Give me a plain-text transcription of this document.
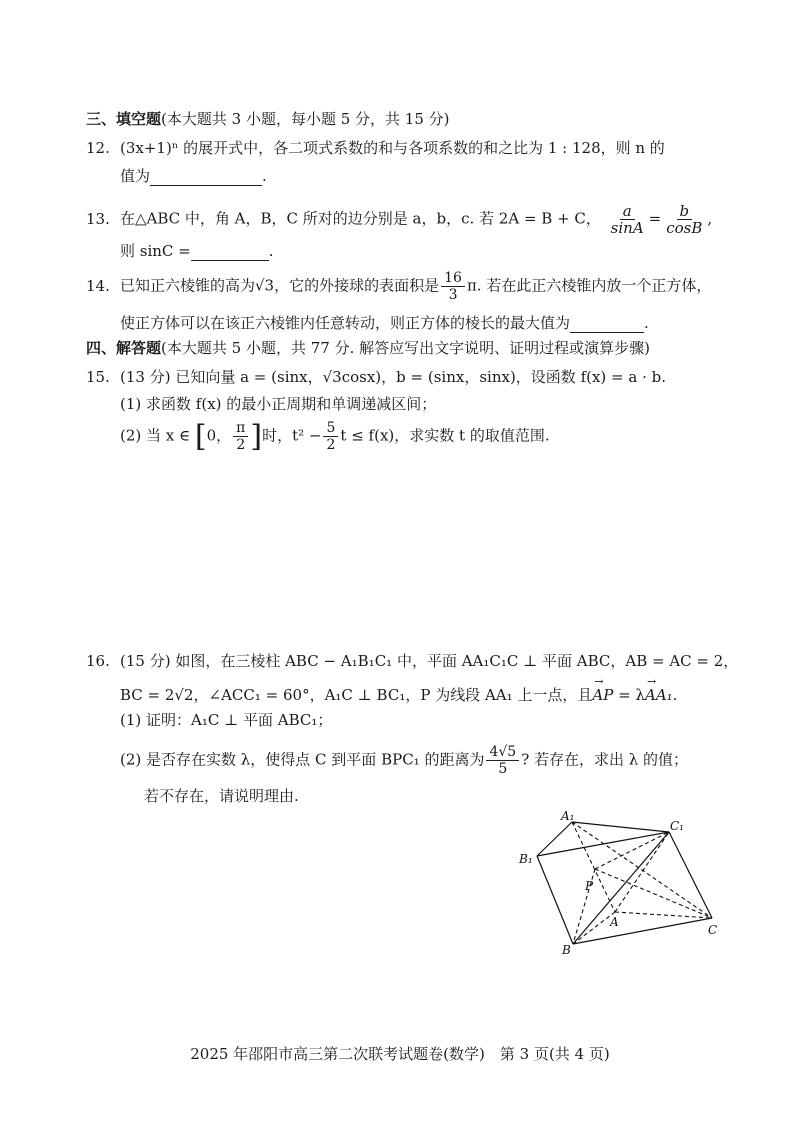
三、填空题(本大题共 3 小题，每小题 5 分，共 15 分)
12. (3x+1)ⁿ 的展开式中，各二项式系数的和与各项系数的和之比为 1 : 128，则 n 的
值为	.
13. 在△ABC 中，角 A，B，C 所对的边分别是 a，b，c. 若 2A = B + C， $\frac{a}{\sin A} = \frac{b}{\cos B}$ ,
则 sinC =	.
14. 已知正六棱锥的高为√3，它的外接球的表面积是 $\frac{16}{3} \pi$. 若在此正六棱锥内放一个正方体，
使正方体可以在该正六棱锥内任意转动，则正方体的棱长的最大值为	.
四、解答题(本大题共 5 小题，共 77 分. 解答应写出文字说明、证明过程或演算步骤)
15. (13 分) 已知向量 a = (sinx，√3cosx)，b = (sinx，sinx)，设函数 f(x) = a · b.
(1) 求函数 f(x) 的最小正周期和单调递减区间；
(2) 当 x ∈ [0， $\frac{\pi}{2}$ ]时，$t^2 - \frac{5}{2}$ t ≤ f(x)，求实数 t 的取值范围.
16. (15 分) 如图，在三棱柱 ABC − A₁B₁C₁ 中，平面 AA₁C₁C ⊥ 平面 ABC，AB = AC = 2，
BC = 2√2，∠ACC₁ = 60°，A₁C ⊥ BC₁，P 为线段 AA₁ 上一点，且→ AP = λ→ AA₁.
(1) 证明：A₁C ⊥ 平面 ABC₁；
(2) 是否存在实数 λ，使得点 C 到平面 BPC₁ 的距离为 $\frac{4√5}{5}$ ? 若存在，求出 λ 的值；
若不存在，请说明理由.
A₁
C₁
B₁
P
A
B
C
2025 年邵阳市高三第二次联考试题卷(数学)　第 3 页(共 4 页)
